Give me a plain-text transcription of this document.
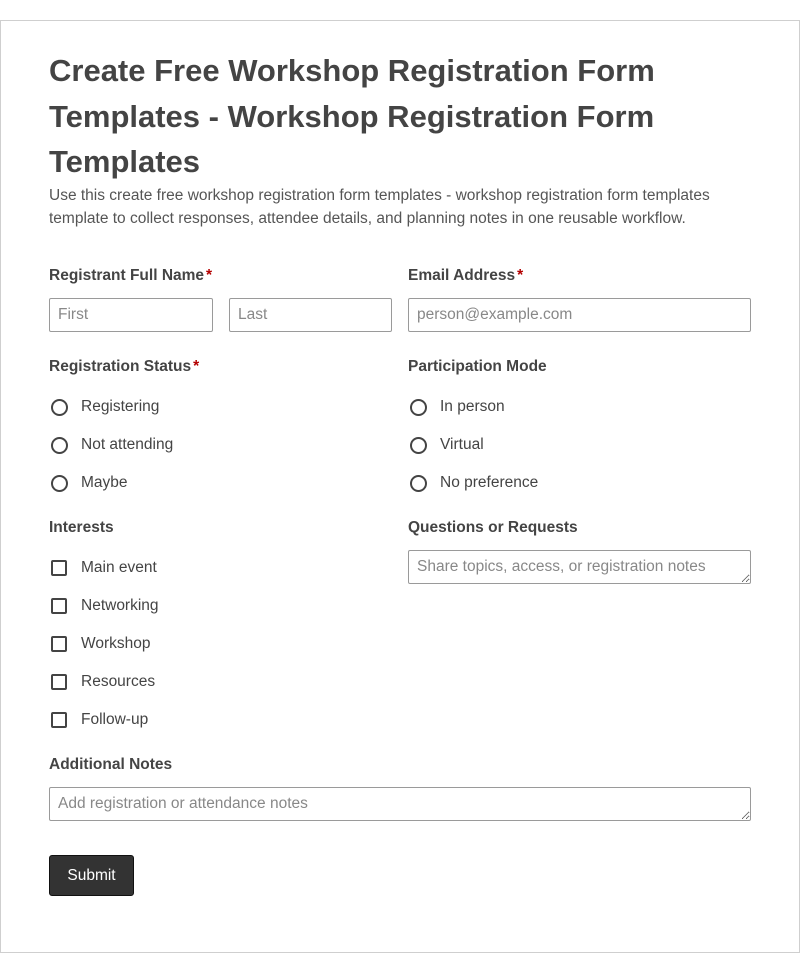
Create Free Workshop Registration Form Templates - Workshop Registration Form Templates

Use this create free workshop registration form templates - workshop registration form templates template to collect responses, attendee details, and planning notes in one reusable workflow.

Registrant Full Name *
First
Last	Email Address *
person@example.com
Registration Status *
Registering
Not attending
Maybe
Participation Mode
In person
Virtual
No preference
Interests
Main event
Networking
Workshop
Resources
Follow-up
Questions or Requests
Share topics, access, or registration notes
Additional Notes
Add registration or attendance notes
Submit
